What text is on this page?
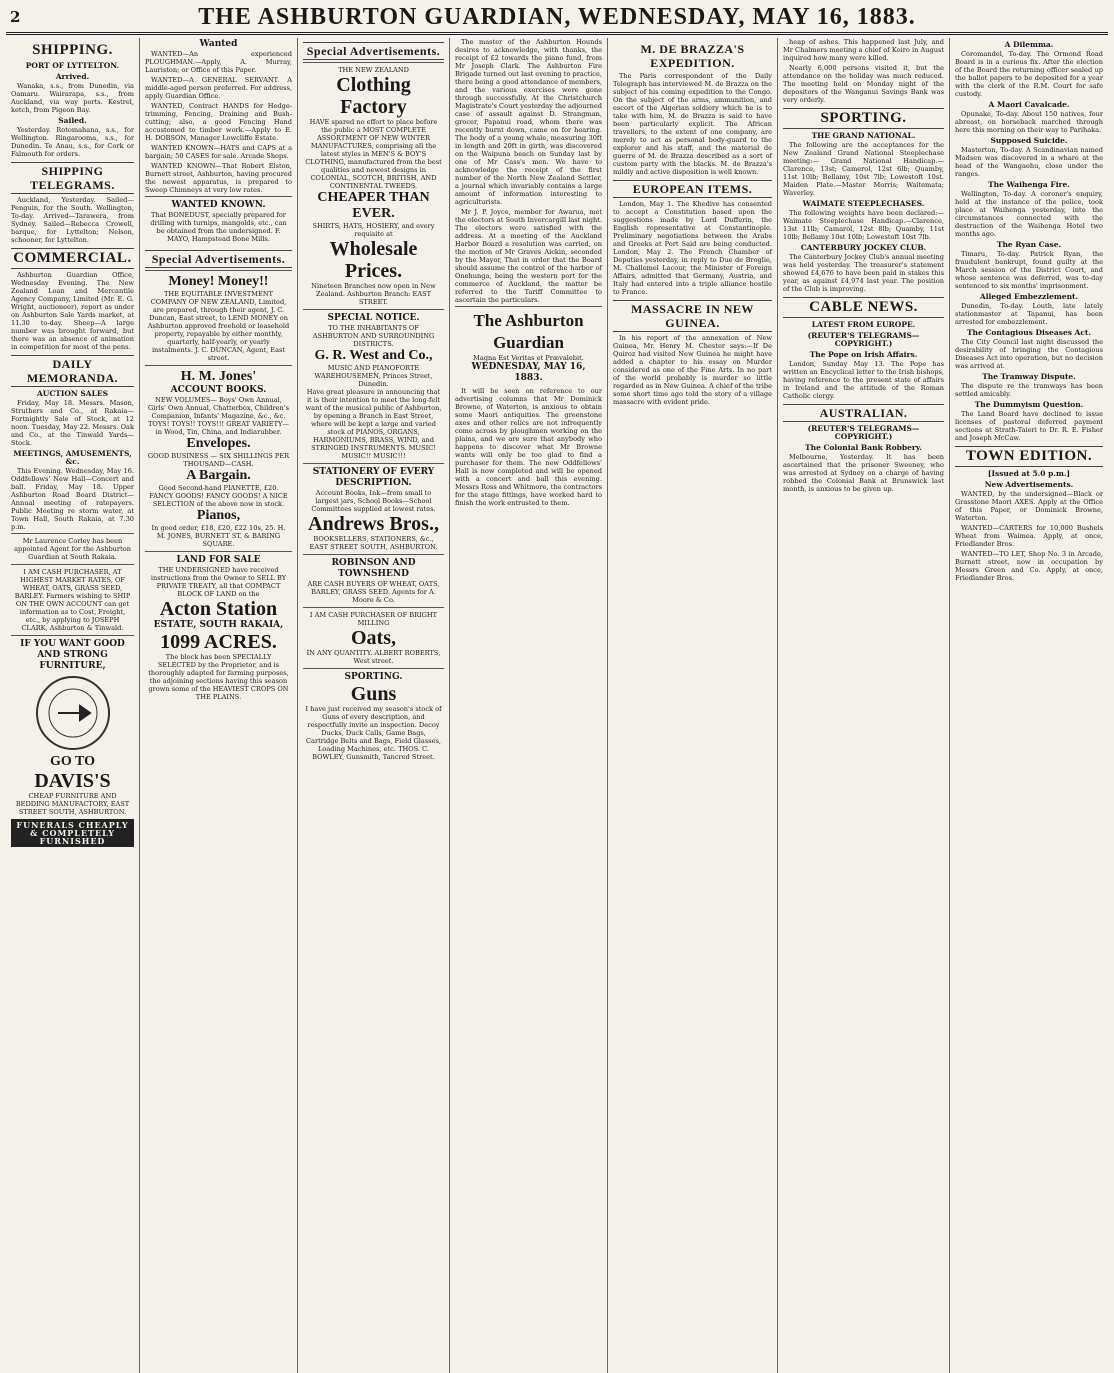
2	THE ASHBURTON GUARDIAN, WEDNESDAY, MAY 16, 1883.
SHIPPING.
PORT OF LYTTELTON.
Arrived.

Wanaka, s.s., from Dunedin, via Oamaru. Wairarapa, s.s., from Auckland, via way ports. Kestrel, ketch, from Pigeon Bay.

Sailed.

Yesterday. Rotomahana, s.s., for Wellington. Ringarooma, s.s., for Dunedin. Te Anau, s.s., for Cork or Falmouth for orders.

SHIPPING TELEGRAMS.

Auckland, Yesterday. Sailed—Penguin, for the South. Wellington, To-day. Arrived—Tarawera, from Sydney. Sailed—Rebecca Crowell, barque, for Lyttelton; Nelson, schooner, for Lyttelton.

COMMERCIAL.

Ashburton Guardian Office, Wednesday Evening. The New Zealand Loan and Mercantile Agency Company, Limited (Mr. E. G. Wright, auctioneer), report as under on Ashburton Sale Yards market, at 11.30 to-day. Sheep—A large number was brought forward, but there was an absence of animation in competition for most of the pens.

DAILY MEMORANDA.
AUCTION SALES

Friday, May 18. Messrs. Mason, Struthers and Co., at Rakaia—Fortnightly Sale of Stock, at 12 noon. Tuesday, May 22. Messrs. Oak and Co., at the Tinwald Yards—Stock.

MEETINGS, AMUSEMENTS, &c.

This Evening. Wednesday, May 16. Oddfellows' New Hall—Concert and ball. Friday, May 18. Upper Ashburton Road Board District—Annual meeting of ratepayers. Public Meeting re storm water, at Town Hall, South Rakaia, at 7.30 p.m.

Mr Laurence Corley has been appointed Agent for the Ashburton Guardian at South Rakaia.
I AM CASH PURCHASER, AT HIGHEST MARKET RATES, OF WHEAT, OATS, GRASS SEED, BARLEY. Farmers wishing to SHIP ON THE OWN ACCOUNT can get information as to Cost, Freight, etc., by applying to JOSEPH CLARK, Ashburton & Tinwald.
IF YOU WANT GOOD AND STRONG FURNITURE,
GO TO
DAVIS'S
CHEAP FURNITURE AND BEDDING MANUFACTORY, EAST STREET SOUTH, ASHBURTON.
FUNERALS CHEAPLY & COMPLETELY FURNISHED
Wanted

WANTED—An experienced PLOUGHMAN.—Apply, A. Murray, Lauriston; or Office of this Paper.

WANTED—A GENERAL SERVANT. A middle-aged person preferred. For address, apply Guardian Office.

WANTED, Contract HANDS for Hedge-trimming, Fencing, Draining and Bush-cutting; also, a good Fencing Hand accustomed to timber work.—Apply to E. H. DOBSON, Manager Lowcliffe Estate.

WANTED KNOWN—HATS and CAPS at a bargain; 50 CASES for sale. Arcade Shops.

WANTED KNOWN—That Robert Elston, Burnett street, Ashburton, having procured the newest apparatus, is prepared to Sweep Chimneys at very low rates.

WANTED KNOWN.
That BONEDUST, specially prepared for drilling with turnips, mangolds, etc., can be obtained from the undersigned. F. MAYO, Hampstead Bone Mills.
Special Advertisements.
Money! Money!!
THE EQUITABLE INVESTMENT COMPANY OF NEW ZEALAND, Limited, are prepared, through their agent, J. C. Duncan, East street, to LEND MONEY on Ashburton approved freehold or leasehold property, repayable by either monthly, quarterly, half-yearly, or yearly instalments. J. C. DUNCAN, Agent, East street.
H. M. Jones'
ACCOUNT BOOKS.
NEW VOLUMES— Boys' Own Annual, Girls' Own Annual, Chatterbox, Children's Companion, Infants' Magazine, &c., &c. TOYS! TOYS!! TOYS!!! GREAT VARIETY—in Wood, Tin, China, and Indiarubber.
Envelopes.
GOOD BUSINESS — SIX SHILLINGS PER THOUSAND—CASH.
A Bargain.
Good Second-hand PIANETTE, £20. FANCY GOODS! FANCY GOODS! A NICE SELECTION of the above now in stock.
Pianos,
In good order, £18, £20, £22 10s, 25. H. M. JONES, BURNETT ST. & BARING SQUARE.
LAND FOR SALE
THE UNDERSIGNED have received instructions from the Owner to SELL BY PRIVATE TREATY, all that COMPACT BLOCK OF LAND on the
Acton Station
ESTATE, SOUTH RAKAIA,
1099 ACRES.
The block has been SPECIALLY SELECTED by the Proprietor, and is thoroughly adapted for farming purposes, the adjoining sections having this season grown some of the HEAVIEST CROPS ON THE PLAINS.
Special Advertisements.
THE NEW ZEALAND
Clothing Factory
HAVE spared no effort to place before the public a MOST COMPLETE ASSORTMENT OF NEW WINTER MANUFACTURES, comprising all the latest styles in MEN'S & BOY'S CLOTHING, manufactured from the best qualities and newest designs in COLONIAL, SCOTCH, BRITISH, AND CONTINENTAL TWEEDS.
CHEAPER THAN EVER.
SHIRTS, HATS, HOSIERY, and every requisite at
Wholesale Prices.
Nineteen Branches now open in New Zealand. Ashburton Branch: EAST STREET.
SPECIAL NOTICE.
TO THE INHABITANTS OF ASHBURTON AND SURROUNDING DISTRICTS.
G. R. West and Co.,
MUSIC AND PIANOFORTE WAREHOUSEMEN, Princes Street, Dunedin.
Have great pleasure in announcing that it is their intention to meet the long-felt want of the musical public of Ashburton, by opening a Branch in East Street, where will be kept a large and varied stock of PIANOS, ORGANS, HARMONIUMS, BRASS, WIND, and STRINGED INSTRUMENTS. MUSIC! MUSIC!! MUSIC!!!
STATIONERY OF EVERY DESCRIPTION.
Account Books, Ink—from small to largest jars, School Books—School Committees supplied at lowest rates.
Andrews Bros.,
BOOKSELLERS, STATIONERS, &c., EAST STREET SOUTH, ASHBURTON.
ROBINSON AND TOWNSHEND
ARE CASH BUYERS OF WHEAT, OATS, BARLEY, GRASS SEED. Agents for A. Moore & Co.
I AM CASH PURCHASER OF BRIGHT MILLING
Oats,
IN ANY QUANTITY. ALBERT ROBERTS, West street.
SPORTING.
Guns
I have just received my season's stock of Guns of every description, and respectfully invite an inspection. Decoy Ducks, Duck Calls, Game Bags, Cartridge Belts and Bags, Field Glasses, Loading Machines, etc. THOS. C. BOWLEY, Gunsmith, Tancred Street.

The master of the Ashburton Hounds desires to acknowledge, with thanks, the receipt of £2 towards the piano fund, from Mr Joseph Clark. The Ashburton Fire Brigade turned out last evening to practice, there being a good attendance of members, and the various exercises were gone through successfully. At the Christchurch Magistrate's Court yesterday the adjourned case of assault against D. Strangman, grocer, Papanui road, whom there was recently burnt down, came on for hearing. The body of a young whale, measuring 30ft in length and 20ft in girth, was discovered on the Waipuna beach on Sunday last by one of Mr Cass's men. We have to acknowledge the receipt of the first number of the North New Zealand Settler, a journal which invariably contains a large amount of information interesting to agriculturists.

Mr J. P. Joyce, member for Awarua, met the electors at South Invercargill last night. The electors were satisfied with the address. At a meeting of the Auckland Harbor Board a resolution was carried, on the motion of Mr Graves Aickin, seconded by the Mayor, That in order that the Board should assume the control of the harbor of Onehunga, being the western port for the commerce of Auckland, the matter be referred to the Tariff Committee to ascertain the particulars.

The Ashburton Guardian
Magna Est Veritas et Prævalebit.
WEDNESDAY, MAY 16, 1883.

It will be seen on reference to our advertising columns that Mr Dominick Browne, of Waterton, is anxious to obtain some Maori antiquities. The greenstone axes and other relics are not infrequently come across by ploughmen working on the plains, and we are sure that anybody who happens to discover what Mr Browne wants will only be too glad to find a purchaser for them. The new Oddfellows' Hall is now completed and will be opened with a concert and ball this evening. Messrs Ross and Whitmore, the contractors for the stage fittings, have worked hard to finish the work entrusted to them.

M. DE BRAZZA'S EXPEDITION.

The Paris correspondent of the Daily Telegraph has interviewed M. de Brazza on the subject of his coming expedition to the Congo. On the subject of the arms, ammunition, and escort of the Algerian soldiery which he is to take with him, M. de Brazza is said to have been particularly explicit. The African travellers, to the extent of one company, are merely to act as personal body-guard to the explorer and his staff, and the material de guerre of M. de Brazza described as a sort of custom party with the blacks. M. de Brazza's mildly and active disposition is well known.

EUROPEAN ITEMS.

London, May 1. The Khedive has consented to accept a Constitution based upon the suggestions made by Lord Dufferin, the English representative at Constantinople. Preliminary negotiations between the Arabs and Greeks at Port Said are being conducted. London, May 2. The French Chamber of Deputies yesterday, in reply to Due de Broglie, M. Challemel Lacour, the Minister of Foreign Affairs, admitted that Germany, Austria, and Italy had entered into a triple alliance hostile to France.

MASSACRE IN NEW GUINEA.

In his report of the annexation of New Guinea, Mr. Henry M. Chester says:—If De Quiroz had visited New Guinea he might have added a chapter to his essay on Murder considered as one of the Fine Arts. In no part of the world probably is murder so little regarded as in New Guinea. A chief of the tribe some short time ago told the story of a village massacre with evident pride.

heap of ashes. This happened last July, and Mr Chalmers meeting a chief of Koiro in August inquired how many were killed.

Nearly 6,000 persons visited it, but the attendance on the holiday was much reduced. The meeting held on Monday night of the depositors of the Wanganui Savings Bank was very orderly.

SPORTING.
THE GRAND NATIONAL.

The following are the acceptances for the New Zealand Grand National Steeplechase meeting:— Grand National Handicap.—Clarence, 13st; Camerol, 12st 6lb; Quamby, 11st 10lb; Bellamy, 10st 7lb; Lowestoft 10st. Maiden Plate.—Master Morris; Waitemata; Waverley.

WAIMATE STEEPLECHASES.

The following weights have been declared:—Waimate Steeplechase Handicap.—Clarence, 13st 11lb; Camarol, 12st 8lb; Quamby, 11st 10lb; Bellamy 10st 10lb; Lowestoft 10st 7lb.

CANTERBURY JOCKEY CLUB.

The Canterbury Jockey Club's annual meeting was held yesterday. The treasurer's statement showed £4,676 to have been paid in stakes this year, as against £4,974 last year. The position of the Club is improving.

CABLE NEWS.
LATEST FROM EUROPE.
(REUTER'S TELEGRAMS—COPYRIGHT.)
The Pope on Irish Affairs.

London, Sunday May 13. The Pope has written an Encyclical letter to the Irish bishops, having reference to the present state of affairs in Ireland and the attitude of the Roman Catholic clergy.

AUSTRALIAN.
(REUTER'S TELEGRAMS—COPYRIGHT.)
The Colonial Bank Robbery.

Melbourne, Yesterday. It has been ascertained that the prisoner Sweeney, who was arrested at Sydney on a charge of having robbed the Colonial Bank at Brunswick last month, is anxious to be given up.

A Dilemma.

Coromandel, To-day. The Ormond Road Board is in a curious fix. After the election of the Board the returning officer sealed up the ballot papers to be deposited for a year with the clerk of the R.M. Court for safe custody.

A Maori Cavalcade.

Opunake, To-day. About 150 natives, four abreast, on horseback marched through here this morning on their way to Parihaka.

Supposed Suicide.

Masterton, To-day. A Scandinavian named Madsen was discovered in a whare at the head of the Wangaehu, close under the ranges.

The Waihenga Fire.

Wellington, To-day. A coroner's enquiry, held at the instance of the police, took place at Waihenga yesterday, into the circumstances connected with the destruction of the Waihenga Hotel two months ago.

The Ryan Case.

Timaru, To-day. Patrick Ryan, the fraudulent bankrupt, found guilty at the March session of the District Court, and whose sentence was deferred, was to-day sentenced to six months' imprisonment.

Alleged Embezzlement.

Dunedin, To-day. Louth, late lately stationmaster at Tapanui, has been arrested for embezzlement.

The Contagious Diseases Act.

The City Council last night discussed the desirability of bringing the Contagious Diseases Act into operation, but no decision was arrived at.

The Tramway Dispute.

The dispute re the tramways has been settled amicably.

The Dummyism Question.

The Land Board have declined to issue licenses of pastoral deferred payment sections at Strath-Taieri to Dr. R. E. Fisher and Joseph McCaw.

TOWN EDITION.
[Issued at 5.0 p.m.]
New Advertisements.

WANTED, by the undersigned—Black or Grasstone Maori AXES. Apply at the Office of this Paper, or Dominick Browne, Waterton.

WANTED—CARTERS for 10,000 Bushels Wheat from Waimea. Apply, at once, Friedlander Bros.

WANTED—TO LET, Shop No. 3 in Arcade, Burnett street, now in occupation by Messrs Green and Co. Apply, at once, Friedlander Bros.
